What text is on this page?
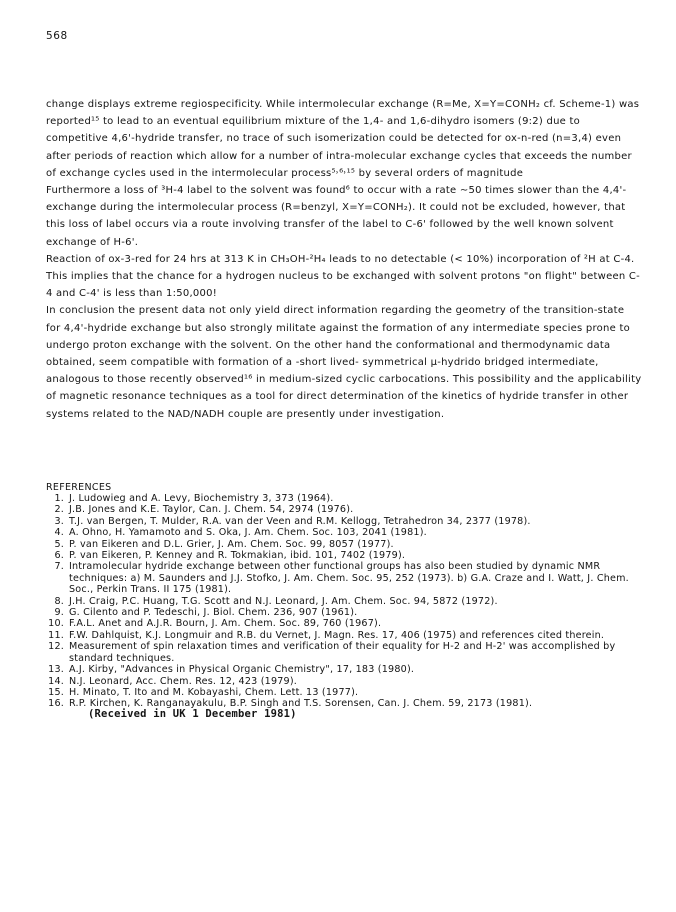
568

change displays extreme regiospecificity. While intermolecular exchange (R=Me, X=Y=CONH₂ cf. Scheme-1) was reported¹⁵ to lead to an eventual equilibrium mixture of the 1,4- and 1,6-dihydro isomers (9:2) due to competitive 4,6'-hydride transfer, no trace of such isomerization could be detected for ox-n-red (n=3,4) even after periods of reaction which allow for a number of intra-molecular exchange cycles that exceeds the number of exchange cycles used in the intermolecular process⁵˒⁶˒¹⁵ by several orders of magnitude

Furthermore a loss of ³H-4 label to the solvent was found⁶ to occur with a rate ∼50 times slower than the 4,4'-exchange during the intermolecular process (R=benzyl, X=Y=CONH₂). It could not be excluded, however, that this loss of label occurs via a route involving transfer of the label to C-6' followed by the well known solvent exchange of H-6'.

Reaction of ox-3-red for 24 hrs at 313 K in CH₃OH-²H₄ leads to no detectable (< 10%) incorporation of ²H at C-4. This implies that the chance for a hydrogen nucleus to be exchanged with solvent protons "on flight" between C-4 and C-4' is less than 1:50,000!

In conclusion the present data not only yield direct information regarding the geometry of the transition-state for 4,4'-hydride exchange but also strongly militate against the formation of any intermediate species prone to undergo proton exchange with the solvent. On the other hand the conformational and thermodynamic data obtained, seem compatible with formation of a -short lived- symmetrical μ-hydrido bridged intermediate, analogous to those recently observed¹⁶ in medium-sized cyclic carbocations. This possibility and the applicability of magnetic resonance techniques as a tool for direct determination of the kinetics of hydride transfer in other systems related to the NAD/NADH couple are presently under investigation.

REFERENCES
1. J. Ludowieg and A. Levy, Biochemistry 3, 373 (1964).
2. J.B. Jones and K.E. Taylor, Can. J. Chem. 54, 2974 (1976).
3. T.J. van Bergen, T. Mulder, R.A. van der Veen and R.M. Kellogg, Tetrahedron 34, 2377 (1978).
4. A. Ohno, H. Yamamoto and S. Oka, J. Am. Chem. Soc. 103, 2041 (1981).
5. P. van Eikeren and D.L. Grier, J. Am. Chem. Soc. 99, 8057 (1977).
6. P. van Eikeren, P. Kenney and R. Tokmakian, ibid. 101, 7402 (1979).
7. Intramolecular hydride exchange between other functional groups has also been studied by dynamic NMR techniques: a) M. Saunders and J.J. Stofko, J. Am. Chem. Soc. 95, 252 (1973). b) G.A. Craze and I. Watt, J. Chem. Soc., Perkin Trans. II 175 (1981).
8. J.H. Craig, P.C. Huang, T.G. Scott and N.J. Leonard, J. Am. Chem. Soc. 94, 5872 (1972).
9. G. Cilento and P. Tedeschi, J. Biol. Chem. 236, 907 (1961).
10. F.A.L. Anet and A.J.R. Bourn, J. Am. Chem. Soc. 89, 760 (1967).
11. F.W. Dahlquist, K.J. Longmuir and R.B. du Vernet, J. Magn. Res. 17, 406 (1975) and references cited therein.
12. Measurement of spin relaxation times and verification of their equality for H-2 and H-2' was accomplished by standard techniques.
13. A.J. Kirby, "Advances in Physical Organic Chemistry", 17, 183 (1980).
14. N.J. Leonard, Acc. Chem. Res. 12, 423 (1979).
15. H. Minato, T. Ito and M. Kobayashi, Chem. Lett. 13 (1977).
16. R.P. Kirchen, K. Ranganayakulu, B.P. Singh and T.S. Sorensen, Can. J. Chem. 59, 2173 (1981).
(Received in UK 1 December 1981)
